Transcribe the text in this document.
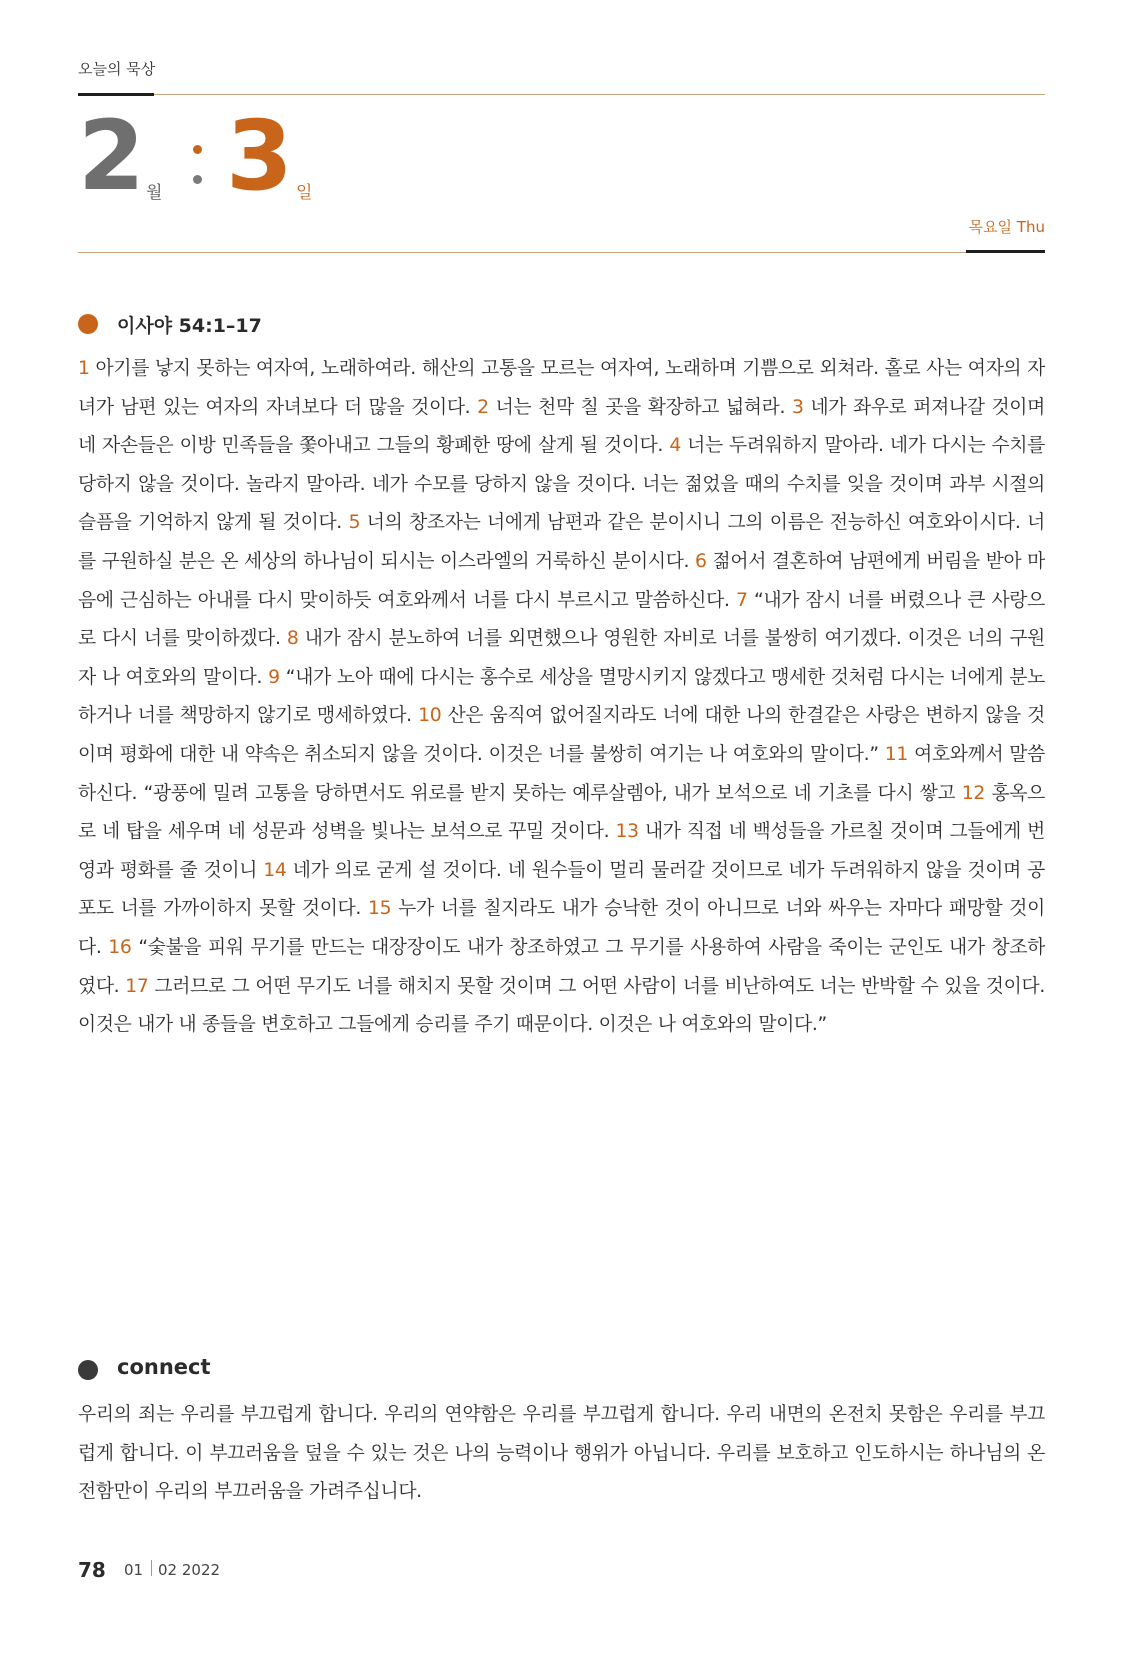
오늘의 묵상
2 월 3 일
목요일 Thu
이사야 54:1–17
1 아기를 낳지 못하는 여자여, 노래하여라. 해산의 고통을 모르는 여자여, 노래하며 기쁨으로 외쳐라. 홀로 사는 여자의 자녀가 남편 있는 여자의 자녀보다 더 많을 것이다. 2 너는 천막 칠 곳을 확장하고 넓혀라. 3 네가 좌우로 퍼져나갈 것이며 네 자손들은 이방 민족들을 쫓아내고 그들의 황폐한 땅에 살게 될 것이다. 4 너는 두려워하지 말아라. 네가 다시는 수치를 당하지 않을 것이다. 놀라지 말아라. 네가 수모를 당하지 않을 것이다. 너는 젊었을 때의 수치를 잊을 것이며 과부 시절의 슬픔을 기억하지 않게 될 것이다. 5 너의 창조자는 너에게 남편과 같은 분이시니 그의 이름은 전능하신 여호와이시다. 너를 구원하실 분은 온 세상의 하나님이 되시는 이스라엘의 거룩하신 분이시다. 6 젊어서 결혼하여 남편에게 버림을 받아 마음에 근심하는 아내를 다시 맞이하듯 여호와께서 너를 다시 부르시고 말씀하신다. 7 “내가 잠시 너를 버렸으나 큰 사랑으로 다시 너를 맞이하겠다. 8 내가 잠시 분노하여 너를 외면했으나 영원한 자비로 너를 불쌍히 여기겠다. 이것은 너의 구원자 나 여호와의 말이다. 9 “내가 노아 때에 다시는 홍수로 세상을 멸망시키지 않겠다고 맹세한 것처럼 다시는 너에게 분노하거나 너를 책망하지 않기로 맹세하였다. 10 산은 움직여 없어질지라도 너에 대한 나의 한결같은 사랑은 변하지 않을 것이며 평화에 대한 내 약속은 취소되지 않을 것이다. 이것은 너를 불쌍히 여기는 나 여호와의 말이다.” 11 여호와께서 말씀하신다. “광풍에 밀려 고통을 당하면서도 위로를 받지 못하는 예루살렘아, 내가 보석으로 네 기초를 다시 쌓고 12 홍옥으로 네 탑을 세우며 네 성문과 성벽을 빛나는 보석으로 꾸밀 것이다. 13 내가 직접 네 백성들을 가르칠 것이며 그들에게 번영과 평화를 줄 것이니 14 네가 의로 굳게 설 것이다. 네 원수들이 멀리 물러갈 것이므로 네가 두려워하지 않을 것이며 공포도 너를 가까이하지 못할 것이다. 15 누가 너를 칠지라도 내가 승낙한 것이 아니므로 너와 싸우는 자마다 패망할 것이다. 16 “숯불을 피워 무기를 만드는 대장장이도 내가 창조하였고 그 무기를 사용하여 사람을 죽이는 군인도 내가 창조하였다. 17 그러므로 그 어떤 무기도 너를 해치지 못할 것이며 그 어떤 사람이 너를 비난하여도 너는 반박할 수 있을 것이다. 이것은 내가 내 종들을 변호하고 그들에게 승리를 주기 때문이다. 이것은 나 여호와의 말이다.”
connect
우리의 죄는 우리를 부끄럽게 합니다. 우리의 연약함은 우리를 부끄럽게 합니다. 우리 내면의 온전치 못함은 우리를 부끄럽게 합니다. 이 부끄러움을 덮을 수 있는 것은 나의 능력이나 행위가 아닙니다. 우리를 보호하고 인도하시는 하나님의 온전함만이 우리의 부끄러움을 가려주십니다.
78 01 02 2022
